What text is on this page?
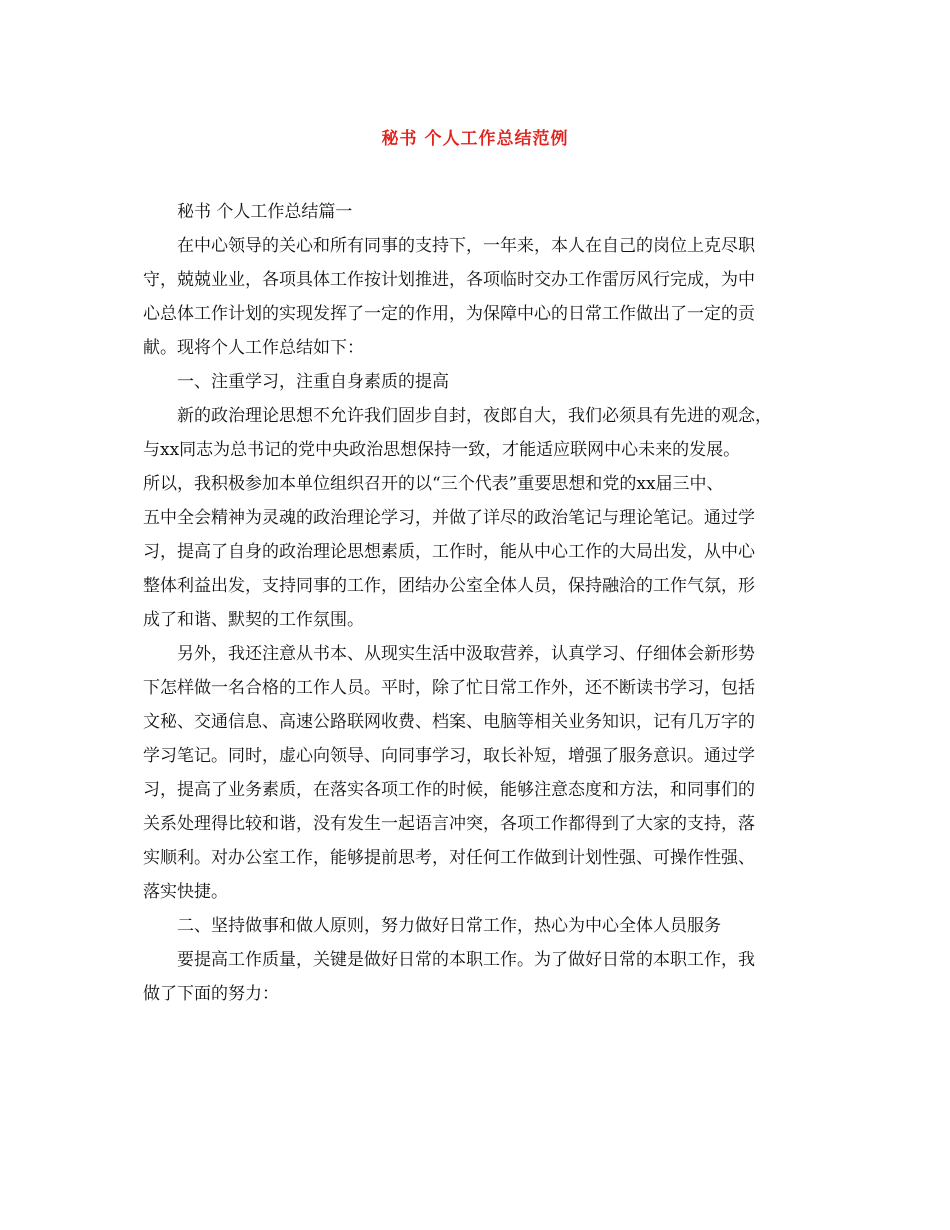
秘书 个人工作总结范例
秘书 个人工作总结篇一
在中心领导的关心和所有同事的支持下，一年来，本人在自己的岗位上克尽职
守，兢兢业业，各项具体工作按计划推进，各项临时交办工作雷厉风行完成，为中
心总体工作计划的实现发挥了一定的作用，为保障中心的日常工作做出了一定的贡
献。现将个人工作总结如下：
一、注重学习，注重自身素质的提高
新的政治理论思想不允许我们固步自封，夜郎自大，我们必须具有先进的观念，
与xx同志为总书记的党中央政治思想保持一致，才能适应联网中心未来的发展。
所以，我积极参加本单位组织召开的以“三个代表”重要思想和党的xx届三中、
五中全会精神为灵魂的政治理论学习，并做了详尽的政治笔记与理论笔记。通过学
习，提高了自身的政治理论思想素质，工作时，能从中心工作的大局出发，从中心
整体利益出发，支持同事的工作，团结办公室全体人员，保持融洽的工作气氛，形
成了和谐、默契的工作氛围。
另外，我还注意从书本、从现实生活中汲取营养，认真学习、仔细体会新形势
下怎样做一名合格的工作人员。平时，除了忙日常工作外，还不断读书学习，包括
文秘、交通信息、高速公路联网收费、档案、电脑等相关业务知识，记有几万字的
学习笔记。同时，虚心向领导、向同事学习，取长补短，增强了服务意识。通过学
习，提高了业务素质，在落实各项工作的时候，能够注意态度和方法，和同事们的
关系处理得比较和谐，没有发生一起语言冲突，各项工作都得到了大家的支持，落
实顺利。对办公室工作，能够提前思考，对任何工作做到计划性强、可操作性强、
落实快捷。
二、坚持做事和做人原则，努力做好日常工作，热心为中心全体人员服务
要提高工作质量，关键是做好日常的本职工作。为了做好日常的本职工作，我
做了下面的努力：
